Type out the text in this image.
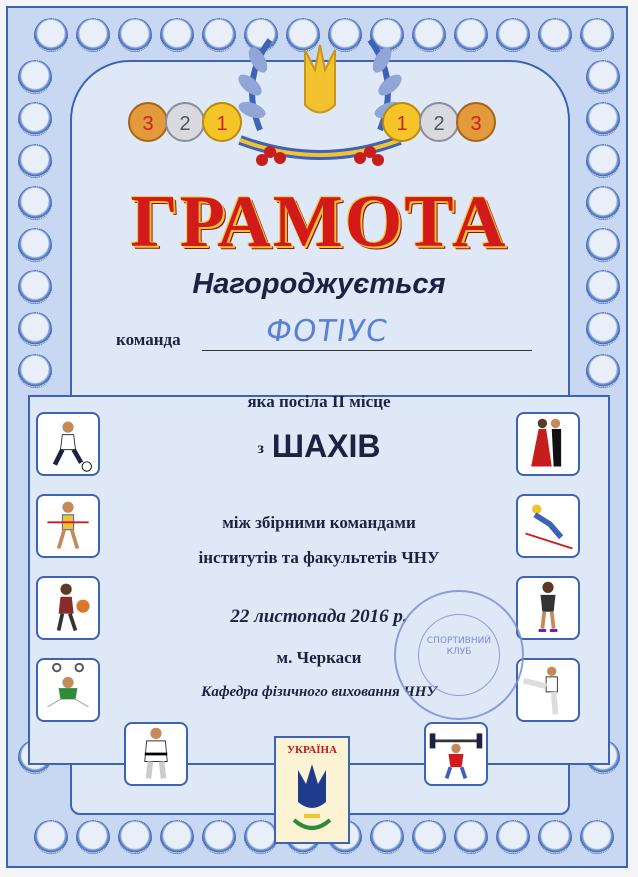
3 2 1	1 2 3
ГРАМОТА
Нагороджується
команда	ФОТІУС
яка посіла ІІ місце
з ШАХІВ
між збірними командами
інститутів та факультетів ЧНУ
22 листопада 2016 р.
м. Черкаси
Кафедра фізичного виховання ЧНУ
СПОРТИВНИЙ
КЛУБ
УКРАЇНА
